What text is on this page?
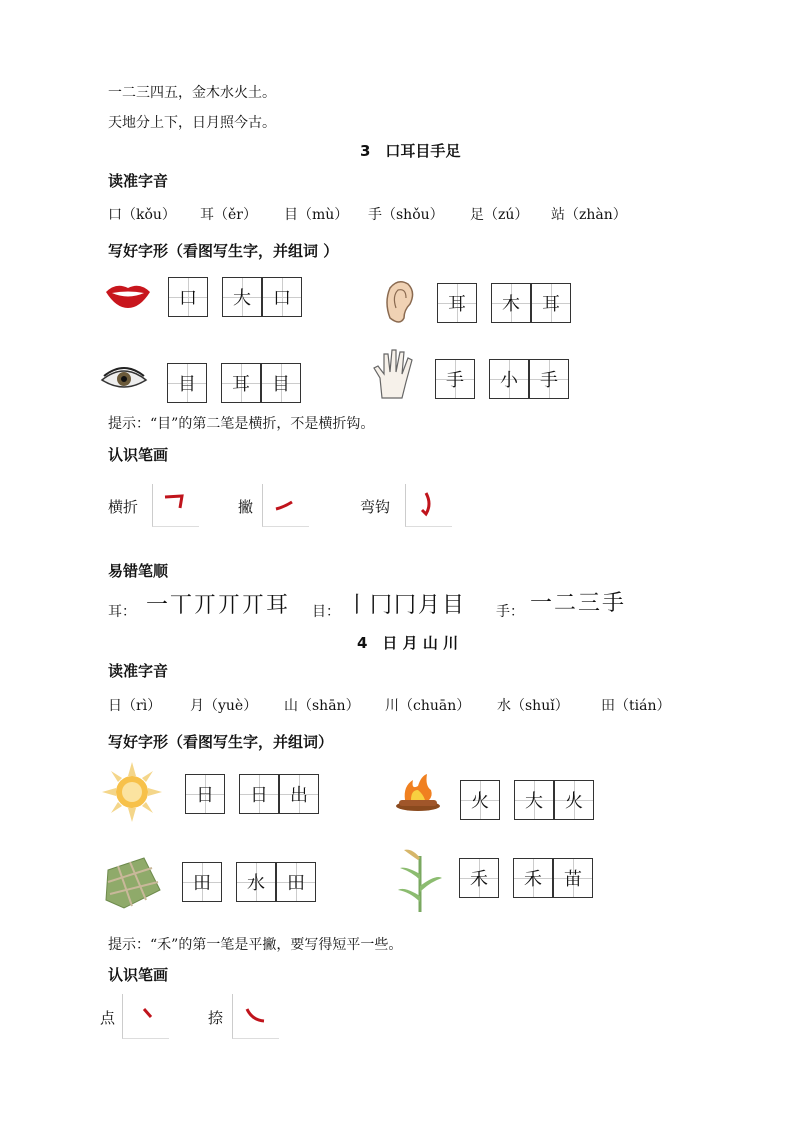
一二三四五，金木水火土。
天地分上下，日月照今古。
3　口耳目手足
读准字音
口（kǒu） 耳（ěr） 目（mù） 手（shǒu） 足（zú） 站（zhàn）
写好字形（看图写生字，并组词 ）
口	大	口	耳	木	耳
目	耳	目	手	小	手
提示：“目”的第二笔是横折，不是横折钩。
认识笔画
横折	撇	弯钩
易错笔顺
耳： 一丅丌丌丌耳 目： 丨冂冂月目 手： 一二三手
4　日 月 山 川
读准字音
日（rì） 月（yuè） 山（shān） 川（chuān） 水（shuǐ） 田（tián）
写好字形（看图写生字，并组词）
日	日	出	火	大	火
田	水	田	禾	禾	苗
提示：“禾”的第一笔是平撇，要写得短平一些。
认识笔画
点	捺
